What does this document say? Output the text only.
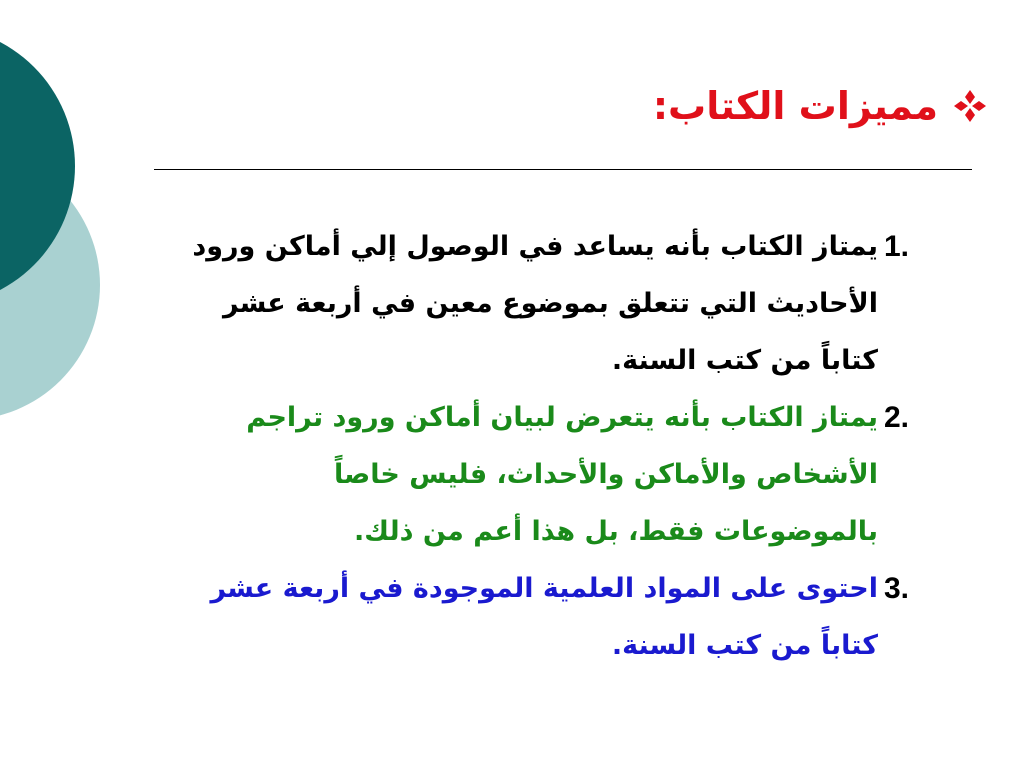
مميزات الكتاب:
1.
يمتاز الكتاب بأنه يساعد في الوصول إلي أماكن ورود
الأحاديث التي تتعلق بموضوع معين في أربعة عشر
كتاباً من كتب السنة.
2.
يمتاز الكتاب بأنه يتعرض لبيان أماكن ورود تراجم
الأشخاص والأماكن والأحداث، فليس خاصاً
بالموضوعات فقط، بل هذا أعم من ذلك.
3.
احتوى على المواد العلمية الموجودة في أربعة عشر
كتاباً من كتب السنة.
